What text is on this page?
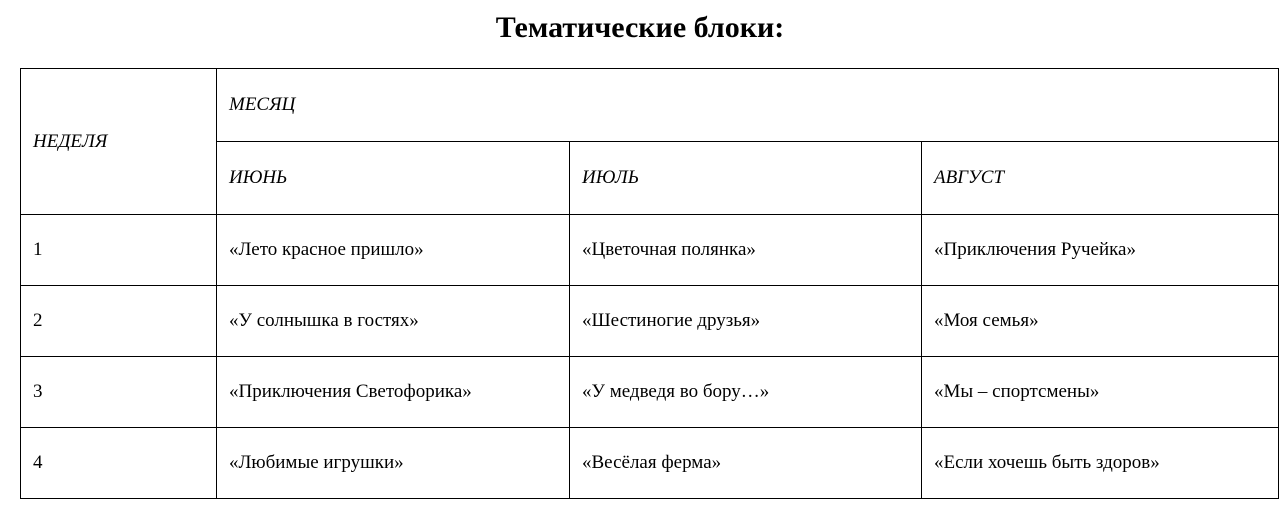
Тематические блоки:
НЕДЕЛЯ	МЕСЯЦ		
	ИЮНЬ	ИЮЛЬ	АВГУСТ
1	«Лето красное пришло»	«Цветочная полянка»	«Приключения Ручейка»
2	«У солнышка в гостях»	«Шестиногие друзья»	«Моя семья»
3	«Приключения Светофорика»	«У медведя во бору…»	«Мы – спортсмены»
4	«Любимые игрушки»	«Весёлая ферма»	«Если хочешь быть здоров»
